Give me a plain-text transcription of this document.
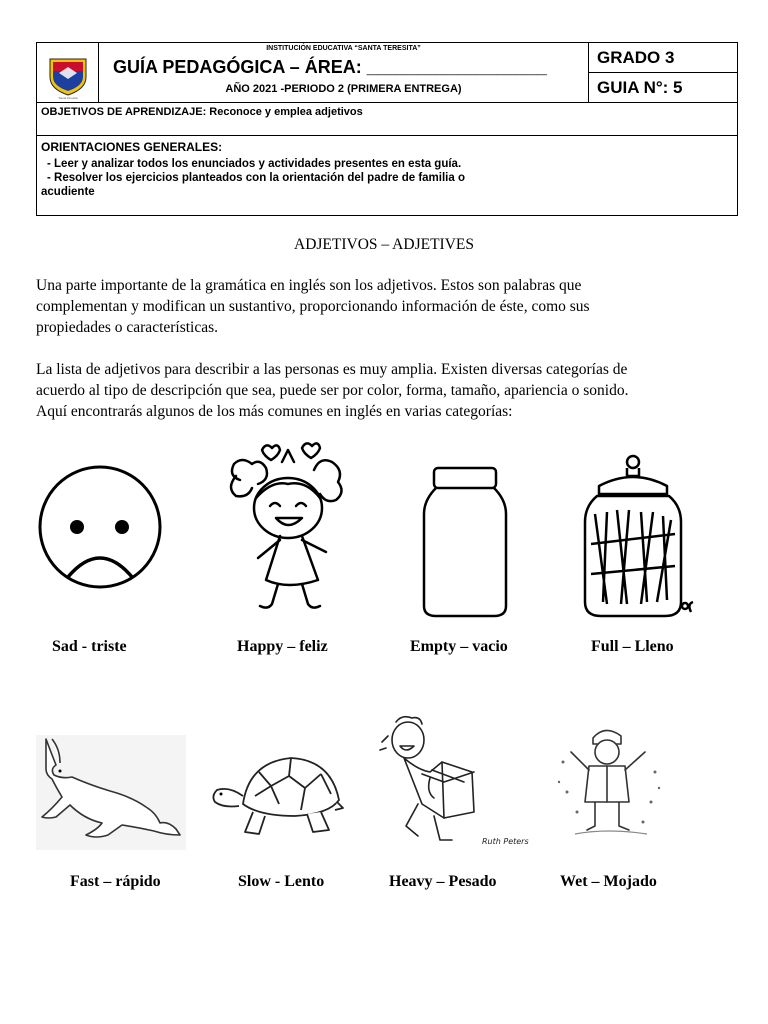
Santa Teresita
INSTITUCIÓN EDUCATIVA “SANTA TERESITA”
GUÍA PEDAGÓGICA – ÁREA: __________________
AÑO 2021 -PERIODO 2 (PRIMERA ENTREGA)
GRADO 3
GUIA N°: 5
OBJETIVOS DE APRENDIZAJE: Reconoce y emplea adjetivos
ORIENTACIONES GENERALES:
- Leer y analizar todos los enunciados y actividades presentes en esta guía.
- Resolver los ejercicios planteados con la orientación del padre de familia o
acudiente
ADJETIVOS – ADJETIVES
Una parte importante de la gramática en inglés son los adjetivos. Estos son palabras que
complementan y modifican un sustantivo, proporcionando información de éste, como sus
propiedades o características.
La lista de adjetivos para describir a las personas es muy amplia. Existen diversas categorías de
acuerdo al tipo de descripción que sea, puede ser por color, forma, tamaño, apariencia o sonido.
Aquí encontrarás algunos de los más comunes en inglés en varias categorías:
Sad - triste	Happy – feliz	Empty – vacio	Full – Lleno
Ruth Peters
Fast – rápido	Slow - Lento	Heavy – Pesado	Wet – Mojado
